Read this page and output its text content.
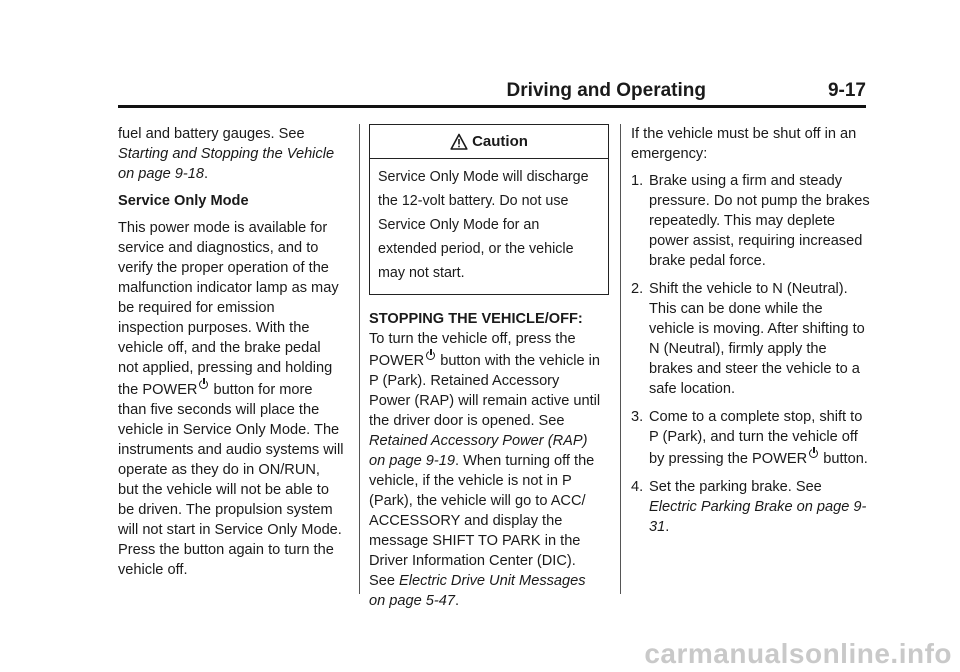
Driving and Operating	9-17

fuel and battery gauges. See Starting and Stopping the Vehicle on page 9-18.

Service Only Mode

This power mode is available for service and diagnostics, and to verify the proper operation of the malfunction indicator lamp as may be required for emission inspection purposes. With the vehicle off, and the brake pedal not applied, pressing and holding the POWER button for more than five seconds will place the vehicle in Service Only Mode. The instruments and audio systems will operate as they do in ON/RUN, but the vehicle will not be able to be driven. The propulsion system will not start in Service Only Mode. Press the button again to turn the vehicle off.

Caution
Service Only Mode will discharge the 12-volt battery. Do not use Service Only Mode for an extended period, or the vehicle may not start.

STOPPING THE VEHICLE/OFF:

To turn the vehicle off, press the POWER button with the vehicle in P (Park). Retained Accessory Power (RAP) will remain active until the driver door is opened. See Retained Accessory Power (RAP) on page 9-19. When turning off the vehicle, if the vehicle is not in P (Park), the vehicle will go to ACC/ ACCESSORY and display the message SHIFT TO PARK in the Driver Information Center (DIC). See Electric Drive Unit Messages on page 5-47.

If the vehicle must be shut off in an emergency:

1. Brake using a firm and steady pressure. Do not pump the brakes repeatedly. This may deplete power assist, requiring increased brake pedal force.
2. Shift the vehicle to N (Neutral). This can be done while the vehicle is moving. After shifting to N (Neutral), firmly apply the brakes and steer the vehicle to a safe location.
3. Come to a complete stop, shift to P (Park), and turn the vehicle off by pressing the POWER button.
4. Set the parking brake. See Electric Parking Brake on page 9-31.
carmanualsonline.info
